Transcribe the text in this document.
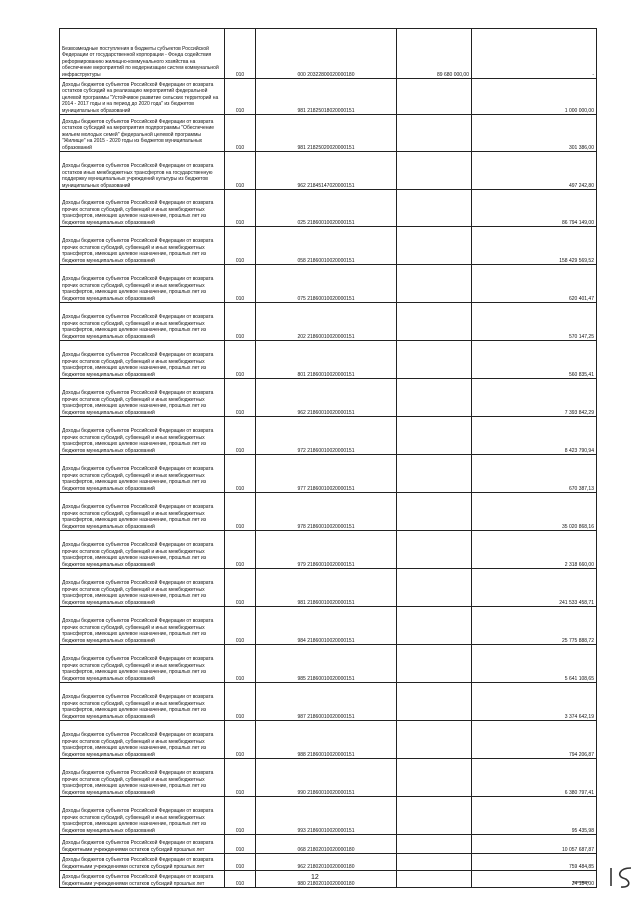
Безвозмездные поступления в бюджеты субъектов Российской Федерации от государственной корпорации - Фонда содействия реформированию жилищно-коммунального хозяйства на обеспечение мероприятий по модернизации систем коммунальной инфраструктуры	010	000 20322800020000180	89 680 000,00	-
Доходы бюджетов субъектов Российской Федерации от возврата остатков субсидий на реализацию мероприятий федеральной целевой программы "Устойчивое развитие сельских территорий на 2014 - 2017 годы и на период до 2020 года" из бюджетов муниципальных образований	010	981 21825018020000151		1 000 000,00
Доходы бюджетов субъектов Российской Федерации от возврата остатков субсидий на мероприятия подпрограммы "Обеспечение жильем молодых семей" федеральной целевой программы "Жилище" на 2015 - 2020 годы из бюджетов муниципальных образований	010	981 21825020020000151		301 386,00
Доходы бюджетов субъектов Российской Федерации от возврата остатков иных межбюджетных трансфертов на государственную поддержку муниципальных учреждений культуры из бюджетов муниципальных образований	010	962 21845147020000151		497 242,80
Доходы бюджетов субъектов Российской Федерации от возврата прочих остатков субсидий, субвенций и иных межбюджетных трансфертов, имеющих целевое назначение, прошлых лет из бюджетов муниципальных образований	010	025 21860010020000151		86 794 149,00
Доходы бюджетов субъектов Российской Федерации от возврата прочих остатков субсидий, субвенций и иных межбюджетных трансфертов, имеющих целевое назначение, прошлых лет из бюджетов муниципальных образований	010	058 21860010020000151		158 429 569,52
Доходы бюджетов субъектов Российской Федерации от возврата прочих остатков субсидий, субвенций и иных межбюджетных трансфертов, имеющих целевое назначение, прошлых лет из бюджетов муниципальных образований	010	075 21860010020000151		620 401,47
Доходы бюджетов субъектов Российской Федерации от возврата прочих остатков субсидий, субвенций и иных межбюджетных трансфертов, имеющих целевое назначение, прошлых лет из бюджетов муниципальных образований	010	202 21860010020000151		570 147,25
Доходы бюджетов субъектов Российской Федерации от возврата прочих остатков субсидий, субвенций и иных межбюджетных трансфертов, имеющих целевое назначение, прошлых лет из бюджетов муниципальных образований	010	801 21860010020000151		560 835,41
Доходы бюджетов субъектов Российской Федерации от возврата прочих остатков субсидий, субвенций и иных межбюджетных трансфертов, имеющих целевое назначение, прошлых лет из бюджетов муниципальных образований	010	962 21860010020000151		7 393 842,29
Доходы бюджетов субъектов Российской Федерации от возврата прочих остатков субсидий, субвенций и иных межбюджетных трансфертов, имеющих целевое назначение, прошлых лет из бюджетов муниципальных образований	010	972 21860010020000151		8 423 790,94
Доходы бюджетов субъектов Российской Федерации от возврата прочих остатков субсидий, субвенций и иных межбюджетных трансфертов, имеющих целевое назначение, прошлых лет из бюджетов муниципальных образований	010	977 21860010020000151		670 387,13
Доходы бюджетов субъектов Российской Федерации от возврата прочих остатков субсидий, субвенций и иных межбюджетных трансфертов, имеющих целевое назначение, прошлых лет из бюджетов муниципальных образований	010	978 21860010020000151		35 020 868,16
Доходы бюджетов субъектов Российской Федерации от возврата прочих остатков субсидий, субвенций и иных межбюджетных трансфертов, имеющих целевое назначение, прошлых лет из бюджетов муниципальных образований	010	979 21860010020000151		2 318 660,00
Доходы бюджетов субъектов Российской Федерации от возврата прочих остатков субсидий, субвенций и иных межбюджетных трансфертов, имеющих целевое назначение, прошлых лет из бюджетов муниципальных образований	010	981 21860010020000151		241 533 458,71
Доходы бюджетов субъектов Российской Федерации от возврата прочих остатков субсидий, субвенций и иных межбюджетных трансфертов, имеющих целевое назначение, прошлых лет из бюджетов муниципальных образований	010	984 21860010020000151		25 775 888,72
Доходы бюджетов субъектов Российской Федерации от возврата прочих остатков субсидий, субвенций и иных межбюджетных трансфертов, имеющих целевое назначение, прошлых лет из бюджетов муниципальных образований	010	985 21860010020000151		5 641 108,65
Доходы бюджетов субъектов Российской Федерации от возврата прочих остатков субсидий, субвенций и иных межбюджетных трансфертов, имеющих целевое назначение, прошлых лет из бюджетов муниципальных образований	010	987 21860010020000151		3 374 642,19
Доходы бюджетов субъектов Российской Федерации от возврата прочих остатков субсидий, субвенций и иных межбюджетных трансфертов, имеющих целевое назначение, прошлых лет из бюджетов муниципальных образований	010	988 21860010020000151		794 206,87
Доходы бюджетов субъектов Российской Федерации от возврата прочих остатков субсидий, субвенций и иных межбюджетных трансфертов, имеющих целевое назначение, прошлых лет из бюджетов муниципальных образований	010	990 21860010020000151		6 380 797,41
Доходы бюджетов субъектов Российской Федерации от возврата прочих остатков субсидий, субвенций и иных межбюджетных трансфертов, имеющих целевое назначение, прошлых лет из бюджетов муниципальных образований	010	993 21860010020000151		95 435,98
Доходы бюджетов субъектов Российской Федерации от возврата бюджетными учреждениями остатков субсидий прошлых лет	010	068 21802010020000180		10 057 687,87
Доходы бюджетов субъектов Российской Федерации от возврата бюджетными учреждениями остатков субсидий прошлых лет	010	962 21802010020000180		759 484,85
Доходы бюджетов субъектов Российской Федерации от возврата бюджетными учреждениями остатков субсидий прошлых лет	010	980 21802010020000180		24 184,00
12
